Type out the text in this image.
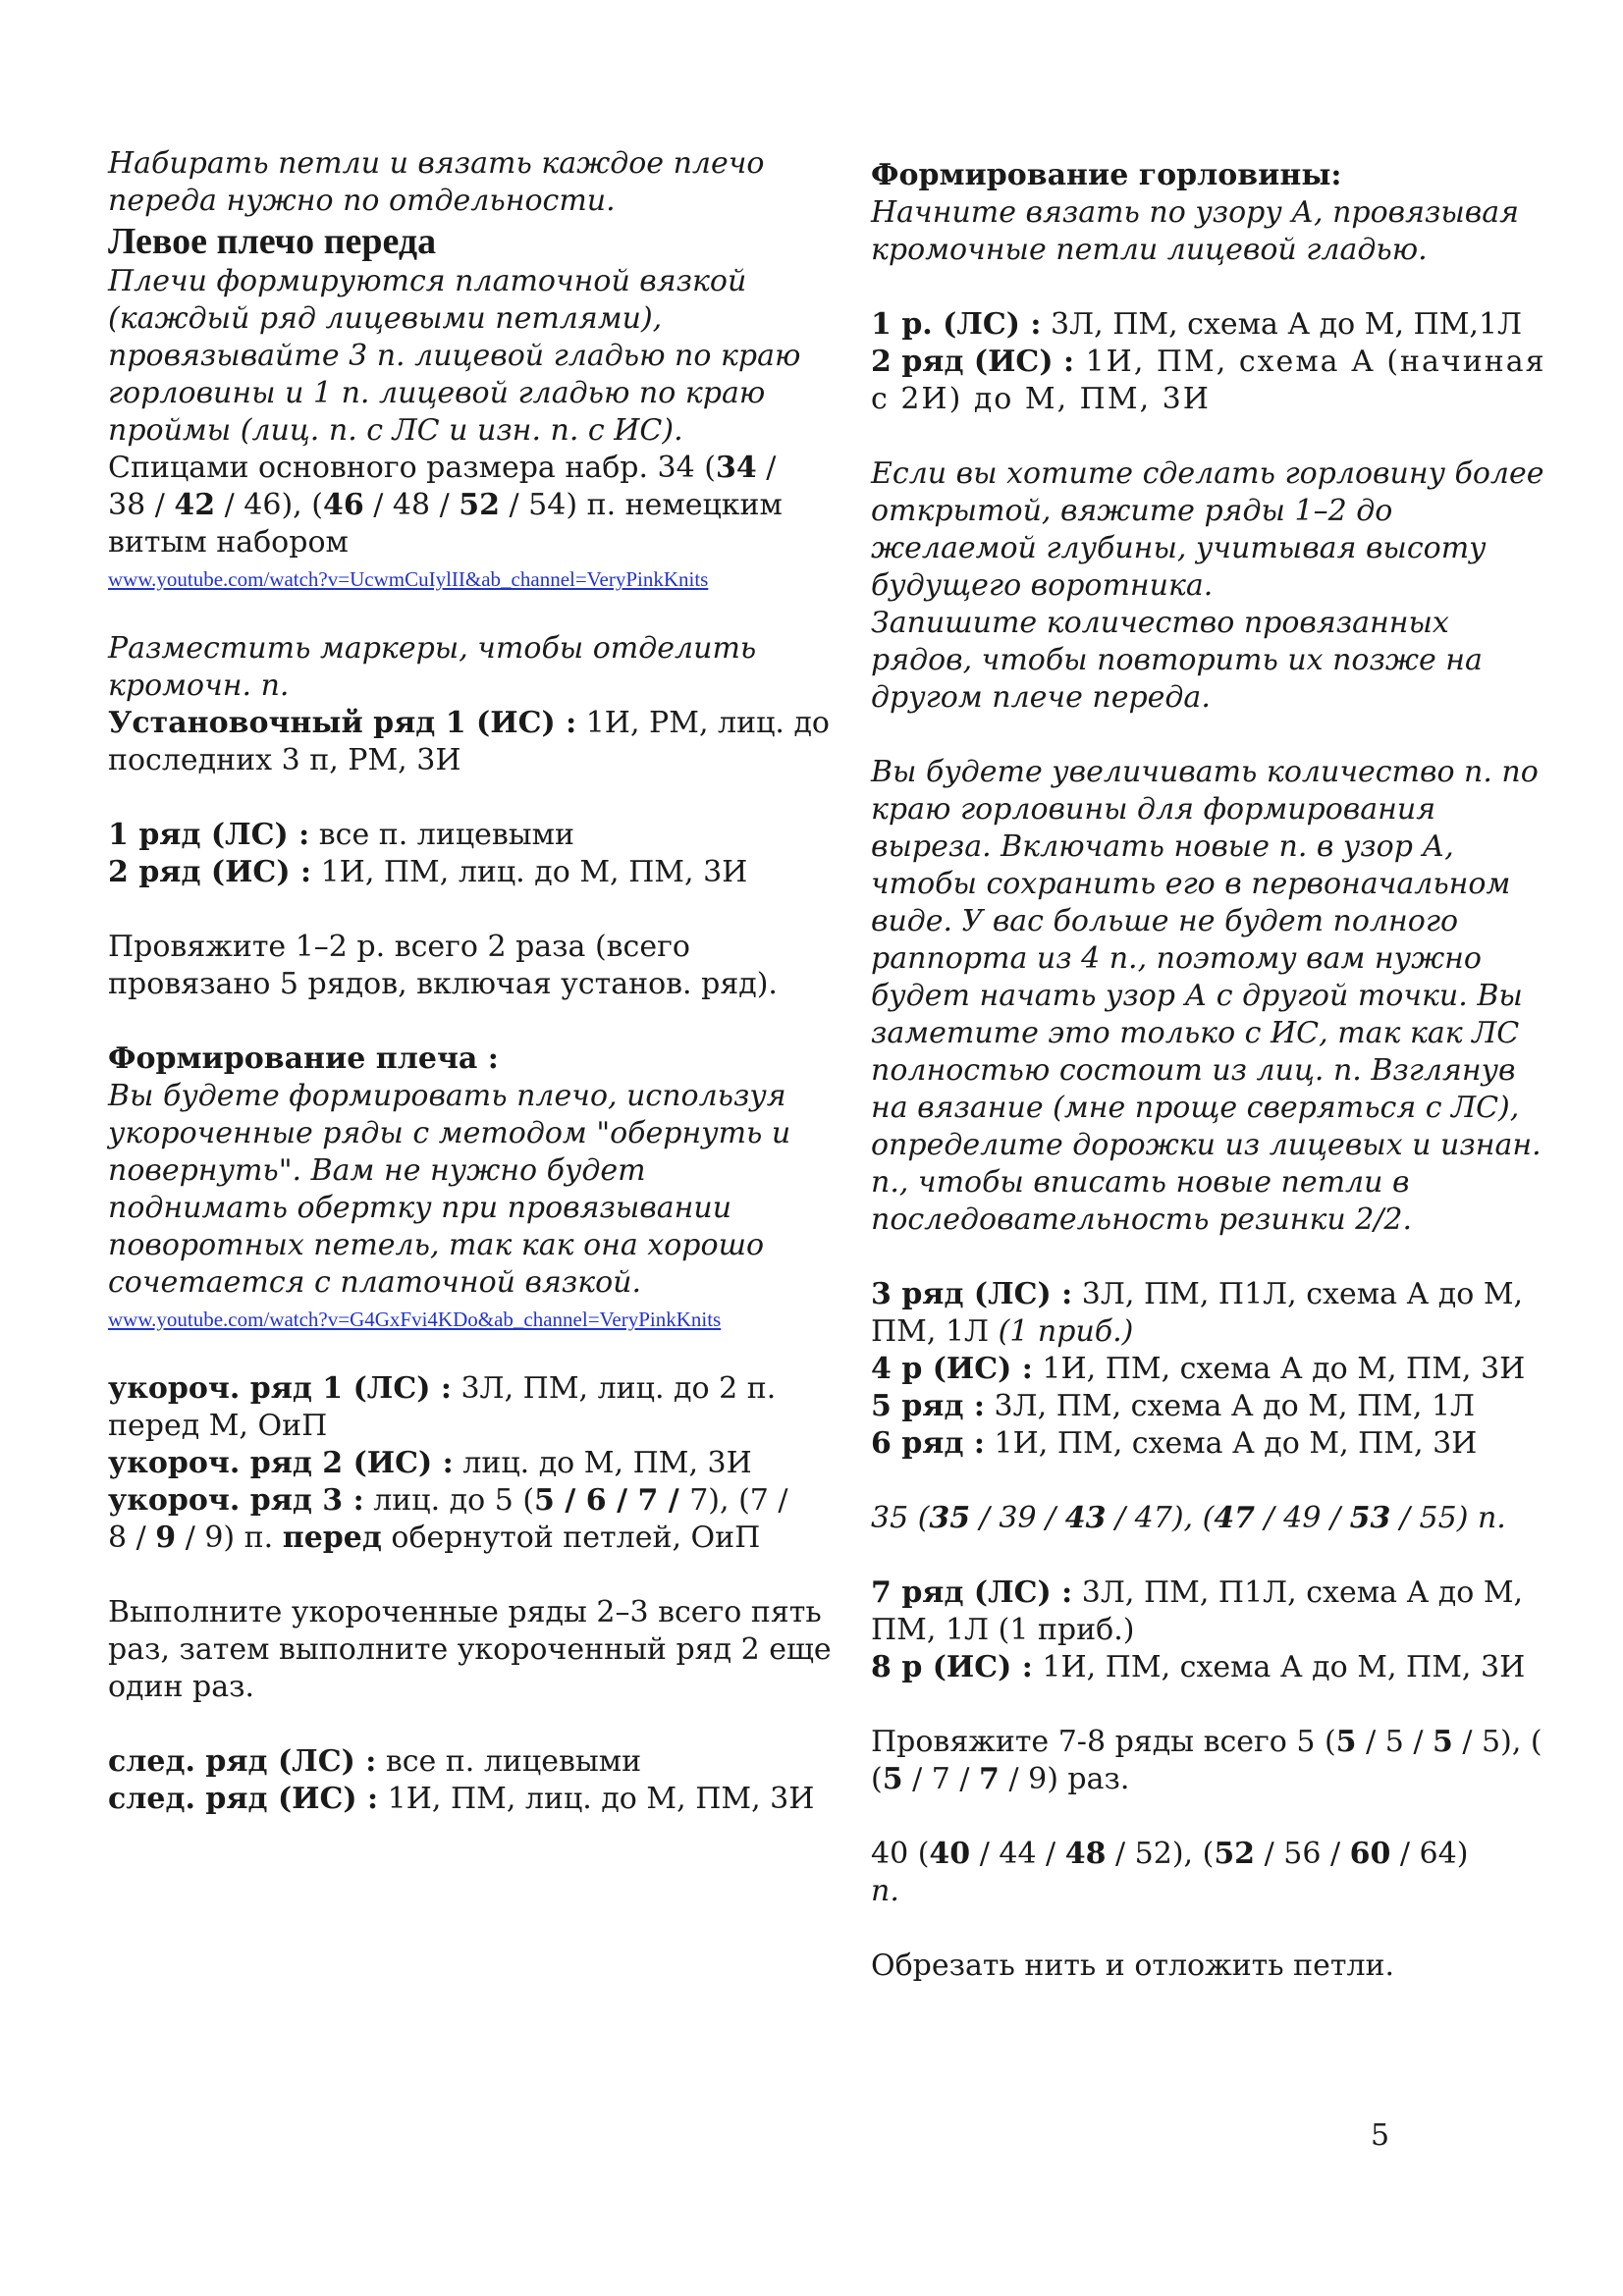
Набирать петли и вязать каждое плечо переда нужно по отдельности.

Левое плечо переда

Плечи формируются платочной вязкой (каждый ряд лицевыми петлями), провязывайте 3 п. лицевой гладью по краю горловины и 1 п. лицевой гладью по краю проймы (лиц. п. с ЛС и изн. п. с ИС).

Спицами основного размера набр. 34 (34 /
38 / 42 / 46), (46 / 48 / 52 / 54) п. немецким витым набором

www.youtube.com/watch?v=UcwmCuIylII&ab_channel=VeryPinkKnits

Разместить маркеры, чтобы отделить кромочн. п.

Установочный ряд 1 (ИС) : 1И, РМ, лиц. до последних 3 п, РМ, 3И

1 ряд (ЛС) : все п. лицевыми

2 ряд (ИС) : 1И, ПМ, лиц. до М, ПМ, 3И

Провяжите 1–2 р. всего 2 раза (всего провязано 5 рядов, включая установ. ряд).

Формирование плеча :

Вы будете формировать плечо, используя укороченные ряды с методом "обернуть и повернуть". Вам не нужно будет поднимать обертку при провязывании поворотных петель, так как она хорошо сочетается с платочной вязкой.

www.youtube.com/watch?v=G4GxFvi4KDo&ab_channel=VeryPinkKnits

укороч. ряд 1 (ЛС) : 3Л, ПМ, лиц. до 2 п. перед М, ОиП

укороч. ряд 2 (ИС) : лиц. до М, ПМ, 3И

укороч. ряд 3 : лиц. до 5 (5 / 6 / 7 / 7), (7 /
8 / 9 / 9) п. перед обернутой петлей, ОиП

Выполните укороченные ряды 2–3 всего пять раз, затем выполните укороченный ряд 2 еще один раз.

след. ряд (ЛС) : все п. лицевыми

след. ряд (ИС) : 1И, ПМ, лиц. до М, ПМ, 3И

Формирование горловины:

Начните вязать по узору А, провязывая кромочные петли лицевой гладью.

1 р. (ЛС) : 3Л, ПМ, схема А до М, ПМ,1Л

2 ряд (ИС) : 1И, ПМ, схема А (начиная с 2И) до М, ПМ, 3И

Если вы хотите сделать горловину более открытой, вяжите ряды 1–2 до желаемой глубины, учитывая высоту будущего воротника.

Запишите количество провязанных рядов, чтобы повторить их позже на другом плече переда.

Вы будете увеличивать количество п. по краю горловины для формирования выреза. Включать новые п. в узор А, чтобы сохранить его в первоначальном виде. У вас больше не будет полного раппорта из 4 п., поэтому вам нужно будет начать узор А с другой точки. Вы заметите это только с ИС, так как ЛС полностью состоит из лиц. п. Взглянув на вязание (мне проще сверяться с ЛС), определите дорожки из лицевых и изнан. п., чтобы вписать новые петли в последовательность резинки 2/2.

3 ряд (ЛС) : 3Л, ПМ, П1Л, схема А до М, ПМ, 1Л (1 приб.)

4 р (ИС) : 1И, ПМ, схема А до М, ПМ, 3И

5 ряд : 3Л, ПМ, схема А до М, ПМ, 1Л

6 ряд : 1И, ПМ, схема А до М, ПМ, 3И

35 (35 / 39 / 43 / 47), (47 / 49 / 53 / 55) п.

7 ряд (ЛС) : 3Л, ПМ, П1Л, схема А до М, ПМ, 1Л (1 приб.)

8 р (ИС) : 1И, ПМ, схема А до М, ПМ, 3И

Провяжите 7-8 ряды всего 5 (5 / 5 / 5 / 5), (
(5 / 7 / 7 / 9) раз.

40 (40 / 44 / 48 / 52), (52 / 56 / 60 / 64)
п.

Обрезать нить и отложить петли.

5
